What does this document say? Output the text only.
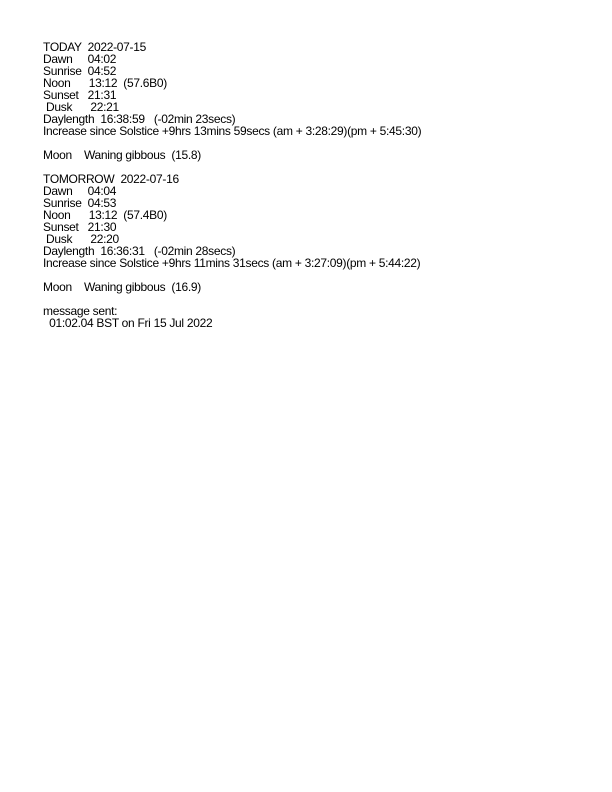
TODAY  2022-07-15
Dawn     04:02
Sunrise  04:52
Noon      13:12  (57.6B0)
Sunset   21:31
Dusk      22:21
Daylength  16:38:59   (-02min 23secs)
Increase since Solstice +9hrs 13mins 59secs (am + 3:28:29)(pm + 5:45:30)
Moon    Waning gibbous  (15.8)
TOMORROW  2022-07-16
Dawn     04:04
Sunrise  04:53
Noon      13:12  (57.4B0)
Sunset   21:30
Dusk      22:20
Daylength  16:36:31   (-02min 28secs)
Increase since Solstice +9hrs 11mins 31secs (am + 3:27:09)(pm + 5:44:22)
Moon    Waning gibbous  (16.9)
message sent:
01:02.04 BST on Fri 15 Jul 2022
